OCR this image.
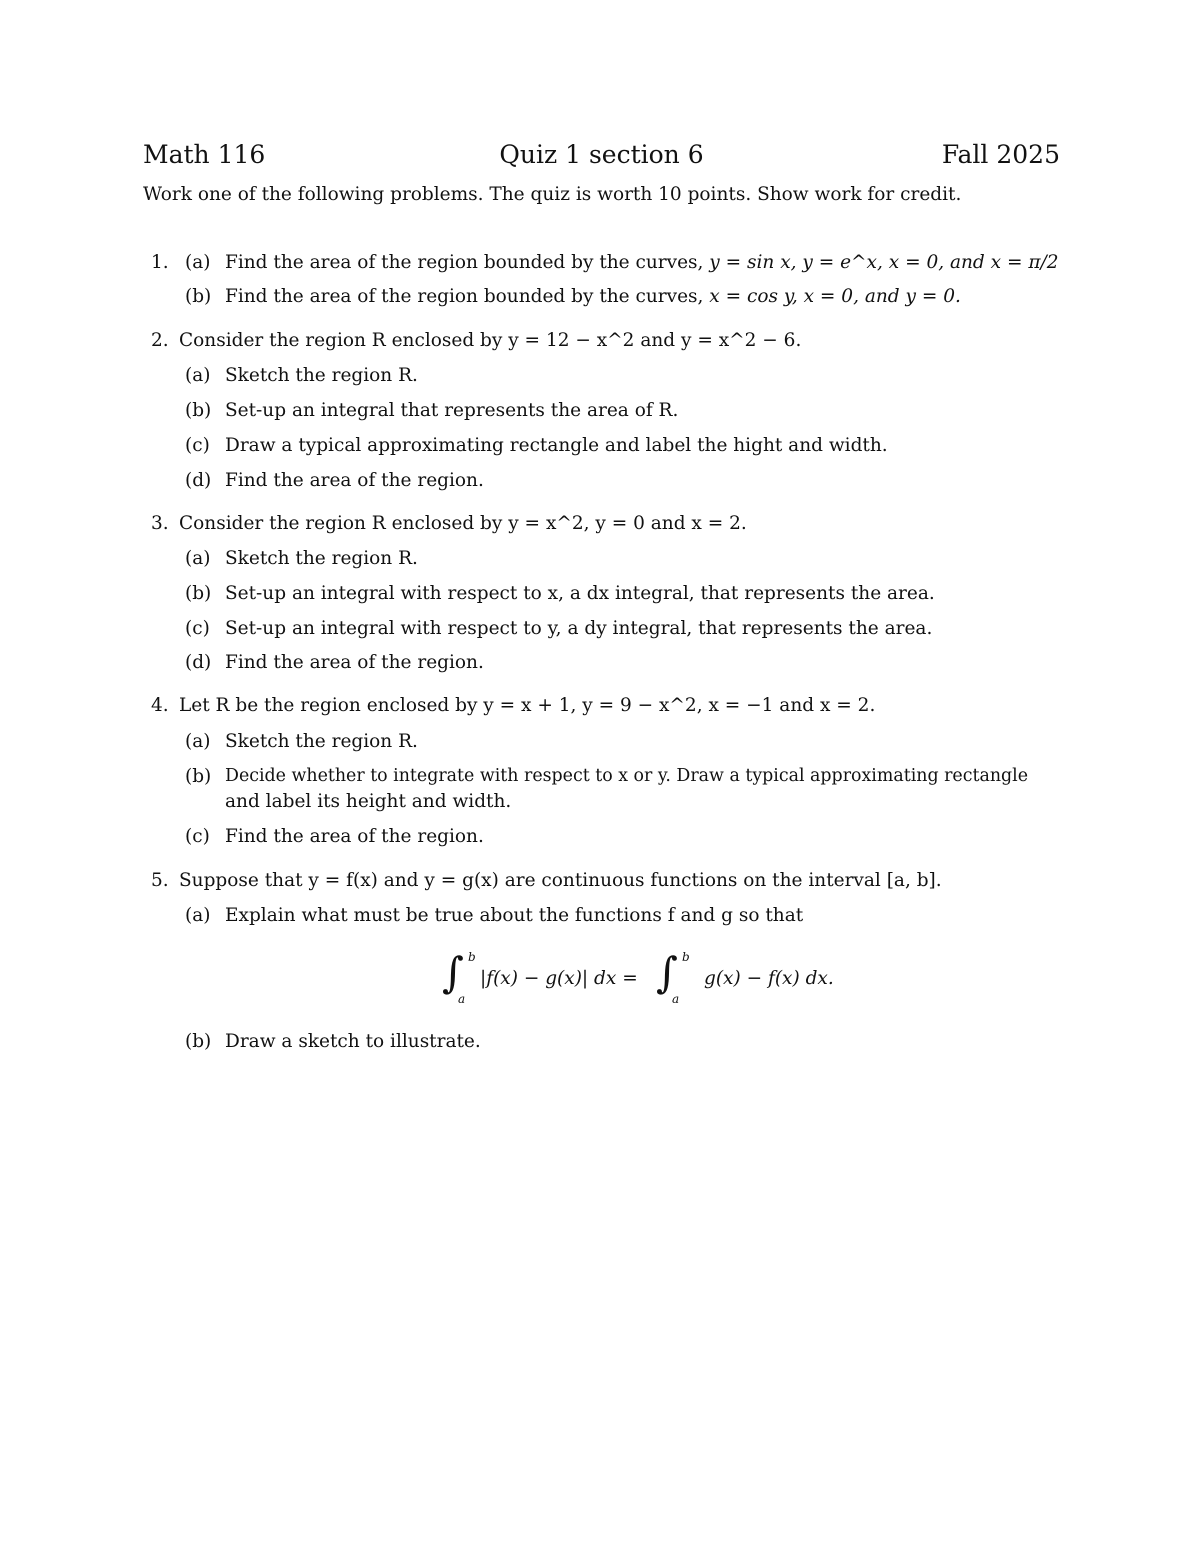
Math 116	Quiz 1 section 6	Fall 2025
Work one of the following problems. The quiz is worth 10 points. Show work for credit.
1. (a) Find the area of the region bounded by the curves, y = sin x, y = e^x, x = 0, and x = π/2
(b) Find the area of the region bounded by the curves, x = cos y, x = 0, and y = 0.
2. Consider the region R enclosed by y = 12 − x^2 and y = x^2 − 6.
(a) Sketch the region R.
(b) Set-up an integral that represents the area of R.
(c) Draw a typical approximating rectangle and label the hight and width.
(d) Find the area of the region.
3. Consider the region R enclosed by y = x^2, y = 0 and x = 2.
(a) Sketch the region R.
(b) Set-up an integral with respect to x, a dx integral, that represents the area.
(c) Set-up an integral with respect to y, a dy integral, that represents the area.
(d) Find the area of the region.
4. Let R be the region enclosed by y = x + 1, y = 9 − x^2, x = −1 and x = 2.
(a) Sketch the region R.
(b) Decide whether to integrate with respect to x or y. Draw a typical approximating rectangle
and label its height and width.
(c) Find the area of the region.
5. Suppose that y = f(x) and y = g(x) are continuous functions on the interval [a, b].
(a) Explain what must be true about the functions f and g so that
∫ b
a
|f(x) − g(x)| dx = ∫ b
a
g(x) − f(x) dx.
(b) Draw a sketch to illustrate.
